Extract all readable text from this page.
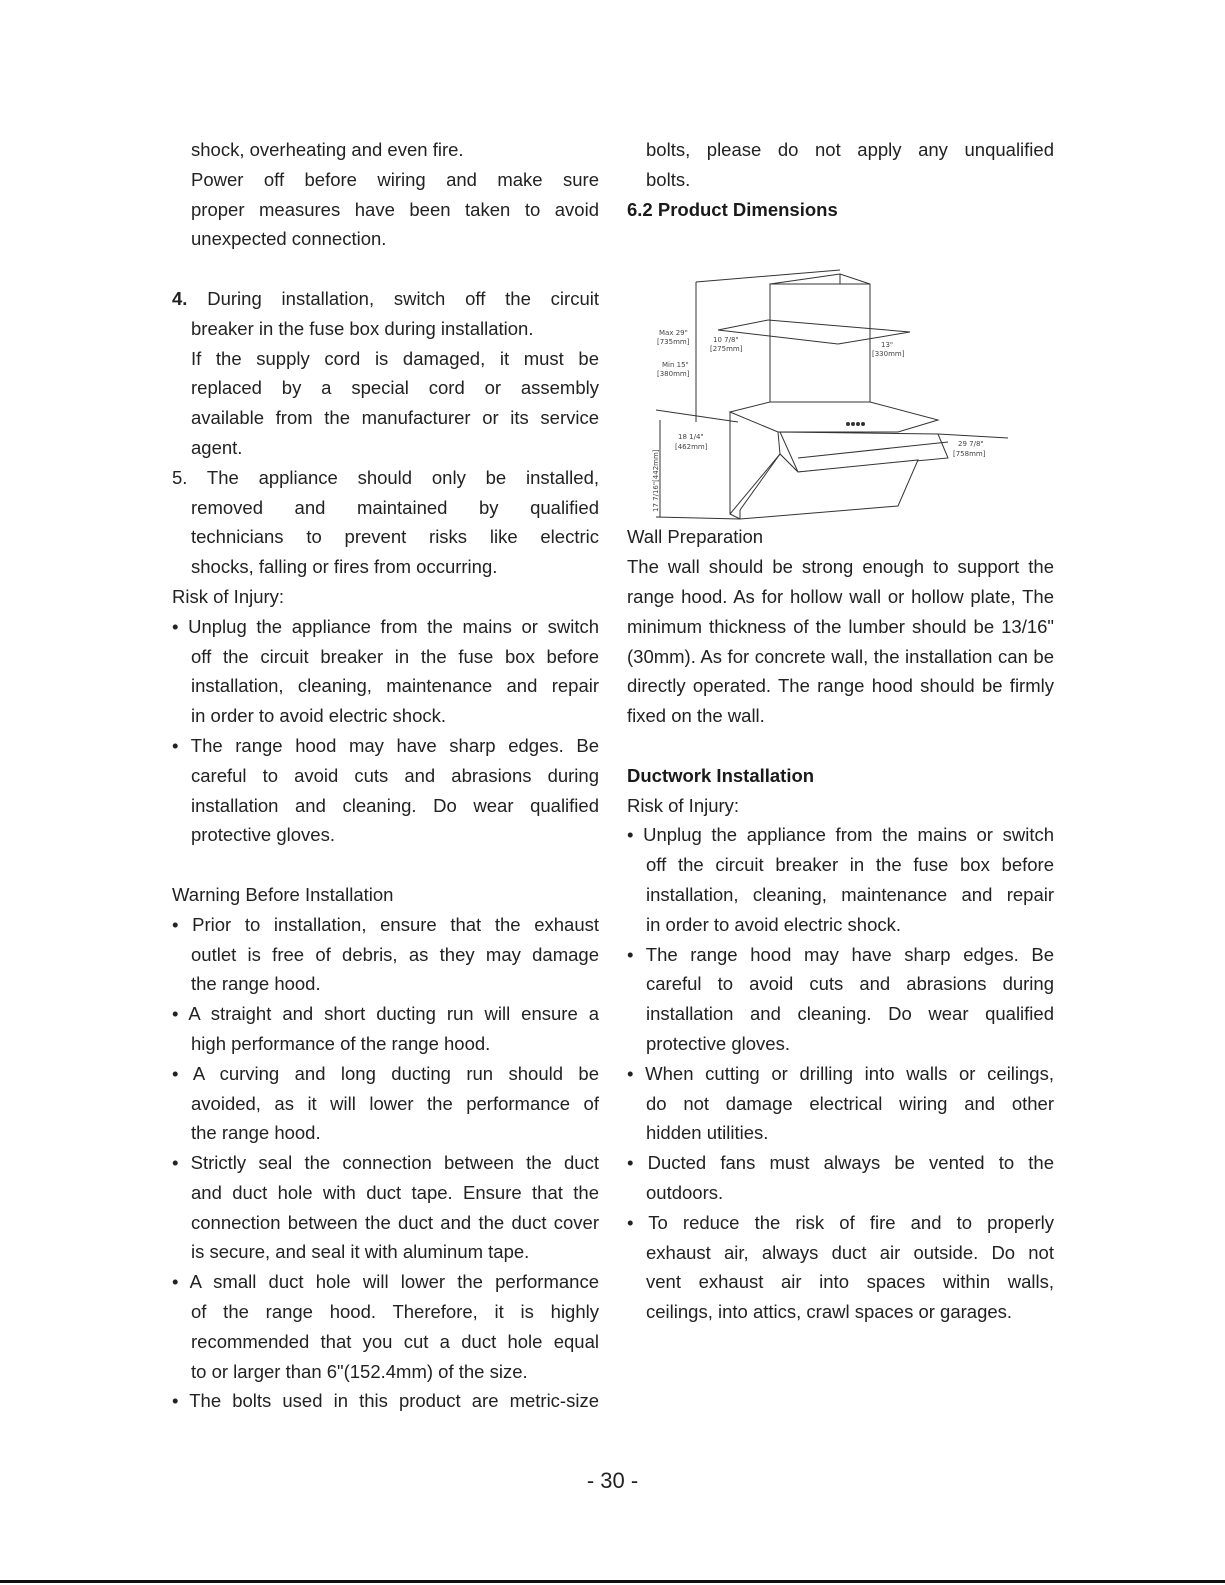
shock, overheating and even fire.
Power off before wiring and make sure
proper measures have been taken to avoid
unexpected connection.
4. During installation, switch off the circuit
breaker in the fuse box during installation.
If the supply cord is damaged, it must be
replaced by a special cord or assembly
available from the manufacturer or its service
agent.
5. The appliance should only be installed,
removed and maintained by qualified
technicians to prevent risks like electric
shocks, falling or fires from occurring.
Risk of Injury:
• Unplug the appliance from the mains or switch
off the circuit breaker in the fuse box before
installation, cleaning, maintenance and repair
in order to avoid electric shock.
• The range hood may have sharp edges. Be
careful to avoid cuts and abrasions during
installation and cleaning. Do wear qualified
protective gloves.
Warning Before Installation
• Prior to installation, ensure that the exhaust
outlet is free of debris, as they may damage
the range hood.
• A straight and short ducting run will ensure a
high performance of the range hood.
• A curving and long ducting run should be
avoided, as it will lower the performance of
the range hood.
• Strictly seal the connection between the duct
and duct hole with duct tape. Ensure that the
connection between the duct and the duct cover
is secure, and seal it with aluminum tape.
• A small duct hole will lower the performance
of the range hood. Therefore, it is highly
recommended that you cut a duct hole equal
to or larger than 6"(152.4mm) of the size.
• The bolts used in this product are metric-size
bolts, please do not apply any unqualified
bolts.
6.2 Product Dimensions
Wall Preparation
The wall should be strong enough to support the
range hood. As for hollow wall or hollow plate, The
minimum thickness of the lumber should be 13/16"
(30mm). As for concrete wall, the installation can be
directly operated. The range hood should be firmly
fixed on the wall.
Ductwork Installation
Risk of Injury:
• Unplug the appliance from the mains or switch
off the circuit breaker in the fuse box before
installation, cleaning, maintenance and repair
in order to avoid electric shock.
• The range hood may have sharp edges. Be
careful to avoid cuts and abrasions during
installation and cleaning. Do wear qualified
protective gloves.
• When cutting or drilling into walls or ceilings,
do not damage electrical wiring and other
hidden utilities.
• Ducted fans must always be vented to the
outdoors.
• To reduce the risk of fire and to properly
exhaust air, always duct air outside. Do not
vent exhaust air into spaces within walls,
ceilings, into attics, crawl spaces or garages.
Max 29"
[735mm]
Min 15"
[380mm]
10 7/8"
[275mm]	13"
[330mm]
18 1/4"
[462mm]	29 7/8"
[758mm]
17 7/16"[442mm]
- 30 -
